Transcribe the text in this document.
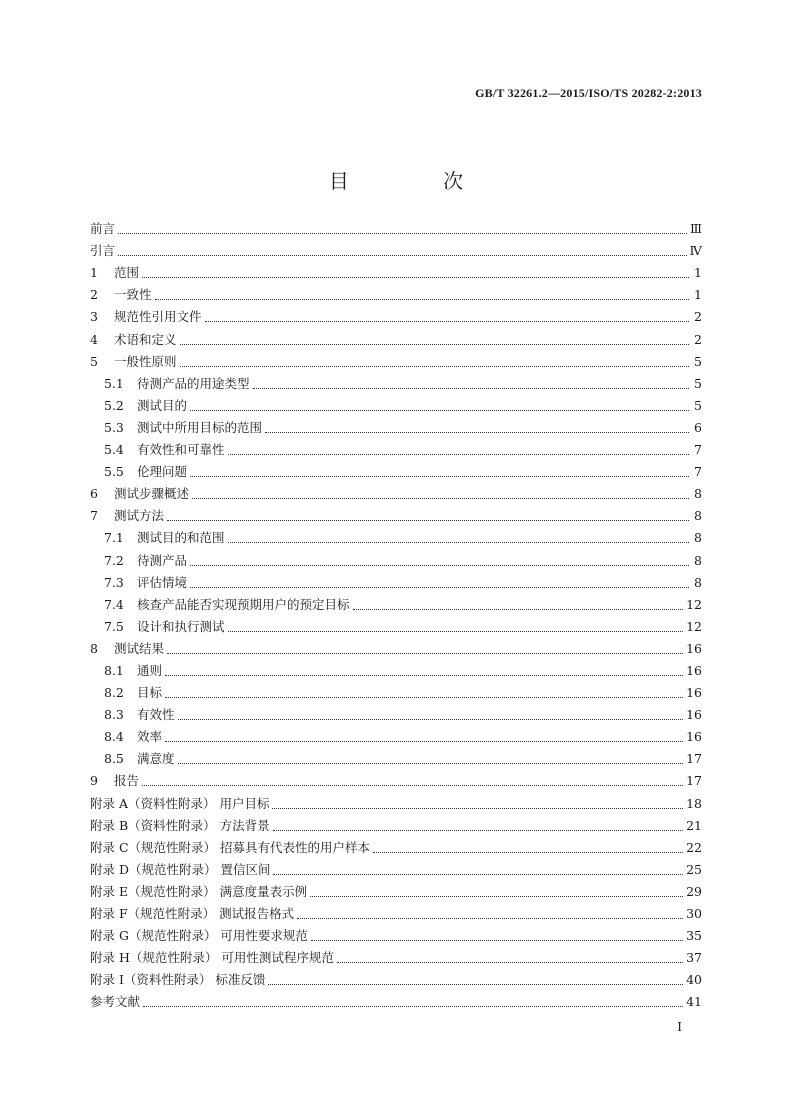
GB/T 32261.2—2015/ISO/TS 20282-2:2013
目 次
前言	Ⅲ
引言	Ⅳ
1	范围	1
2	一致性	1
3	规范性引用文件	2
4	术语和定义	2
5	一般性原则	5
5.1	待测产品的用途类型	5
5.2	测试目的	5
5.3	测试中所用目标的范围	6
5.4	有效性和可靠性	7
5.5	伦理问题	7
6	测试步骤概述	8
7	测试方法	8
7.1	测试目的和范围	8
7.2	待测产品	8
7.3	评估情境	8
7.4	核查产品能否实现预期用户的预定目标	12
7.5	设计和执行测试	12
8	测试结果	16
8.1	通则	16
8.2	目标	16
8.3	有效性	16
8.4	效率	16
8.5	满意度	17
9	报告	17
附录 A（资料性附录） 用户目标	18
附录 B（资料性附录） 方法背景	21
附录 C（规范性附录） 招募具有代表性的用户样本	22
附录 D（规范性附录） 置信区间	25
附录 E（规范性附录） 满意度量表示例	29
附录 F（规范性附录） 测试报告格式	30
附录 G（规范性附录） 可用性要求规范	35
附录 H（规范性附录） 可用性测试程序规范	37
附录 I（资料性附录） 标准反馈	40
参考文献	41
I
